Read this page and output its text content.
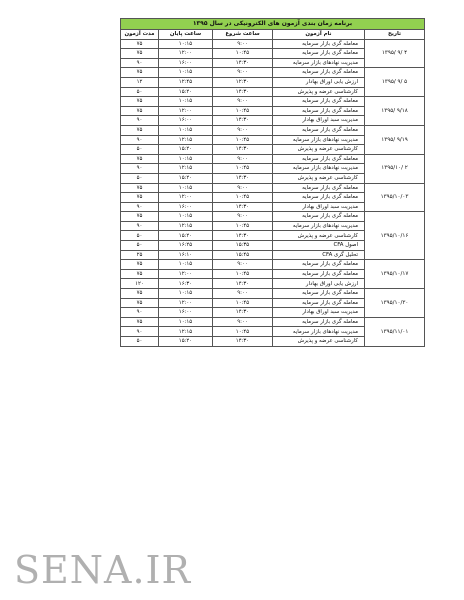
برنامه زمان بندی آزمون های الکترونیکی در سال ۱۳۹۵				
مدت آزمون	ساعت پایان	ساعت شروع	نام آزمون	تاریخ
۷۵	۱۰:۱۵	۹:۰۰	معامله گری بازار سرمایه	۱۳۹۵/ ۹/ ۴
۷۵	۱۲:۰۰	۱۰:۴۵	معامله گری بازار سرمایه	
۹۰	۱۶:۰۰	۱۴:۳۰	مدیریت نهادهای بازار سرمایه	
۷۵	۱۰:۱۵	۹:۰۰	معامله گری بازار سرمایه	۱۳۹۵/ ۹/ ۵
۱۲	۱۲:۴۵	۱۲:۳۰	ارزش یابی اوراق بهادار	
۵۰	۱۵:۲۰	۱۴:۳۰	کارشناسی عرضه و پذیرش	
۷۵	۱۰:۱۵	۹:۰۰	معامله گری بازار سرمایه	۱۳۹۵/ ۹/۱۸
۷۵	۱۲:۰۰	۱۰:۴۵	معامله گری بازار سرمایه	
۹۰	۱۶:۰۰	۱۴:۳۰	مدیریت سبد اوراق بهادار	
۷۵	۱۰:۱۵	۹:۰۰	معامله گری بازار سرمایه	۱۳۹۵/ ۹/۱۹
۹۰	۱۲:۱۵	۱۰:۴۵	مدیریت نهادهای بازار سرمایه	
۵۰	۱۵:۲۰	۱۴:۳۰	کارشناسی عرضه و پذیرش	
۷۵	۱۰:۱۵	۹:۰۰	معامله گری بازار سرمایه	۱۳۹۵/۱۰/ ۲
۹۰	۱۲:۱۵	۱۰:۴۵	مدیریت نهادهای بازار سرمایه	
۵۰	۱۵:۲۰	۱۴:۳۰	کارشناسی عرضه و پذیرش	
۷۵	۱۰:۱۵	۹:۰۰	معامله گری بازار سرمایه	۱۳۹۵/۱۰/۰۳
۷۵	۱۲:۰۰	۱۰:۴۵	معامله گری بازار سرمایه	
۹۰	۱۶:۰۰	۱۴:۳۰	مدیریت سبد اوراق بهادار	
۷۵	۱۰:۱۵	۹:۰۰	معامله گری بازار سرمایه	۱۳۹۵/۱۰/۱۶
۹۰	۱۲:۱۵	۱۰:۴۵	مدیریت نهادهای بازار سرمایه	
۵۰	۱۵:۲۰	۱۴:۳۰	کارشناسی عرضه و پذیرش	
۵۰	۱۶:۲۵	۱۵:۳۵	اصول CFA	
۲۵	۱۶:۱۰	۱۵:۴۵	تحلیل گری CFA	
۷۵	۱۰:۱۵	۹:۰۰	معامله گری بازار سرمایه	۱۳۹۵/۱۰/۱۷
۷۵	۱۲:۰۰	۱۰:۴۵	معامله گری بازار سرمایه	
۱۲۰	۱۶:۳۰	۱۴:۳۰	ارزش یابی اوراق بهادار	
۷۵	۱۰:۱۵	۹:۰۰	معامله گری بازار سرمایه	۱۳۹۵/۱۰/۳۰
۷۵	۱۲:۰۰	۱۰:۴۵	معامله گری بازار سرمایه	
۹۰	۱۶:۰۰	۱۴:۳۰	مدیریت سبد اوراق بهادار	
۷۵	۱۰:۱۵	۹:۰۰	معامله گری بازار سرمایه	۱۳۹۵/۱۱/۰۱
۹۰	۱۲:۱۵	۱۰:۴۵	مدیریت نهادهای بازار سرمایه	
۵۰	۱۵:۲۰	۱۴:۳۰	کارشناسی عرضه و پذیرش	
SENA.IR
